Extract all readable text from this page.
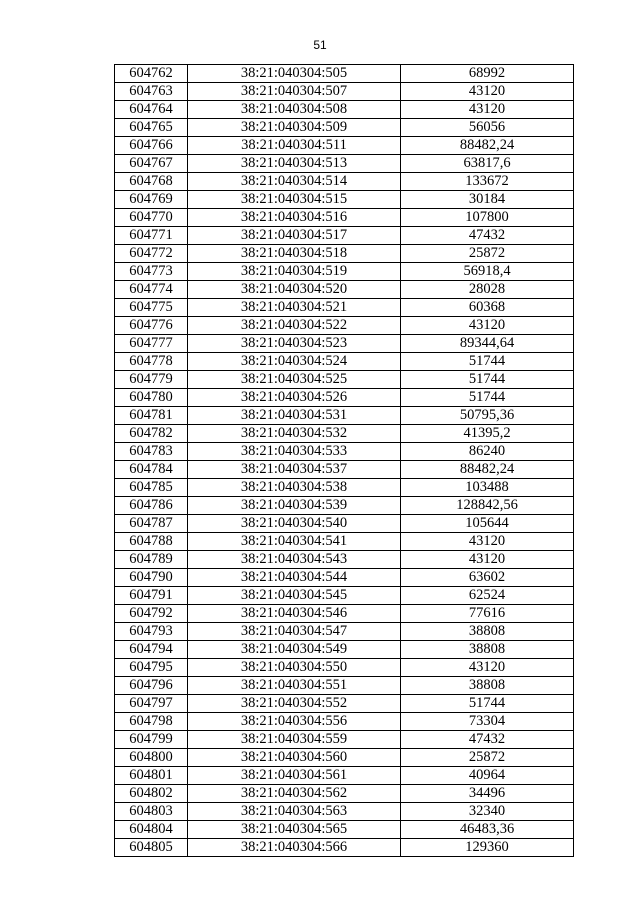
51
604762	38:21:040304:505	68992
604763	38:21:040304:507	43120
604764	38:21:040304:508	43120
604765	38:21:040304:509	56056
604766	38:21:040304:511	88482,24
604767	38:21:040304:513	63817,6
604768	38:21:040304:514	133672
604769	38:21:040304:515	30184
604770	38:21:040304:516	107800
604771	38:21:040304:517	47432
604772	38:21:040304:518	25872
604773	38:21:040304:519	56918,4
604774	38:21:040304:520	28028
604775	38:21:040304:521	60368
604776	38:21:040304:522	43120
604777	38:21:040304:523	89344,64
604778	38:21:040304:524	51744
604779	38:21:040304:525	51744
604780	38:21:040304:526	51744
604781	38:21:040304:531	50795,36
604782	38:21:040304:532	41395,2
604783	38:21:040304:533	86240
604784	38:21:040304:537	88482,24
604785	38:21:040304:538	103488
604786	38:21:040304:539	128842,56
604787	38:21:040304:540	105644
604788	38:21:040304:541	43120
604789	38:21:040304:543	43120
604790	38:21:040304:544	63602
604791	38:21:040304:545	62524
604792	38:21:040304:546	77616
604793	38:21:040304:547	38808
604794	38:21:040304:549	38808
604795	38:21:040304:550	43120
604796	38:21:040304:551	38808
604797	38:21:040304:552	51744
604798	38:21:040304:556	73304
604799	38:21:040304:559	47432
604800	38:21:040304:560	25872
604801	38:21:040304:561	40964
604802	38:21:040304:562	34496
604803	38:21:040304:563	32340
604804	38:21:040304:565	46483,36
604805	38:21:040304:566	129360
